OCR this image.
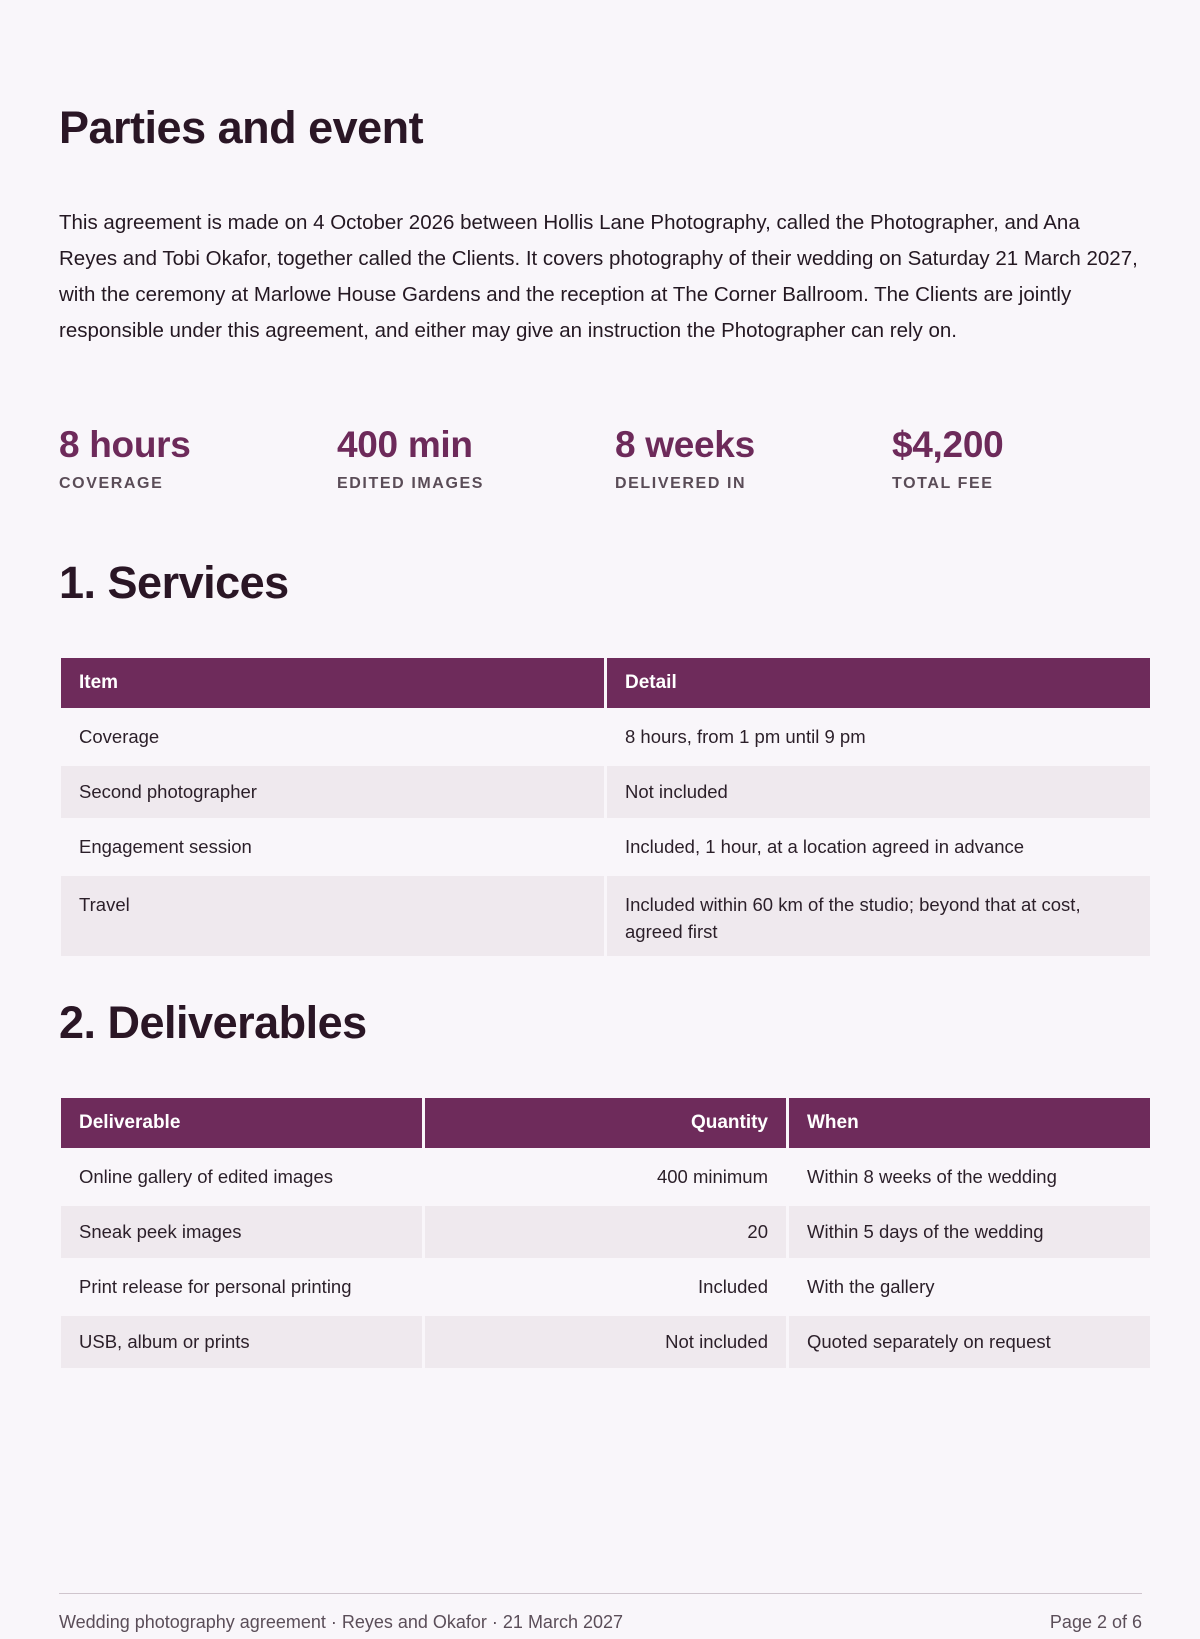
Parties and event

This agreement is made on 4 October 2026 between Hollis Lane Photography, called the Photographer, and Ana Reyes and Tobi Okafor, together called the Clients. It covers photography of their wedding on Saturday 21 March 2027, with the ceremony at Marlowe House Gardens and the reception at The Corner Ballroom. The Clients are jointly responsible under this agreement, and either may give an instruction the Photographer can rely on.

8 hours
COVERAGE
400 min
EDITED IMAGES
8 weeks
DELIVERED IN
$4,200
TOTAL FEE
1. Services
Item	Detail
Coverage	8 hours, from 1 pm until 9 pm
Second photographer	Not included
Engagement session	Included, 1 hour, at a location agreed in advance
Travel	Included within 60 km of the studio; beyond that at cost, agreed first
2. Deliverables
Deliverable	Quantity	When
Online gallery of edited images	400 minimum	Within 8 weeks of the wedding
Sneak peek images	20	Within 5 days of the wedding
Print release for personal printing	Included	With the gallery
USB, album or prints	Not included	Quoted separately on request
Wedding photography agreement · Reyes and Okafor · 21 March 2027	Page 2 of 6
